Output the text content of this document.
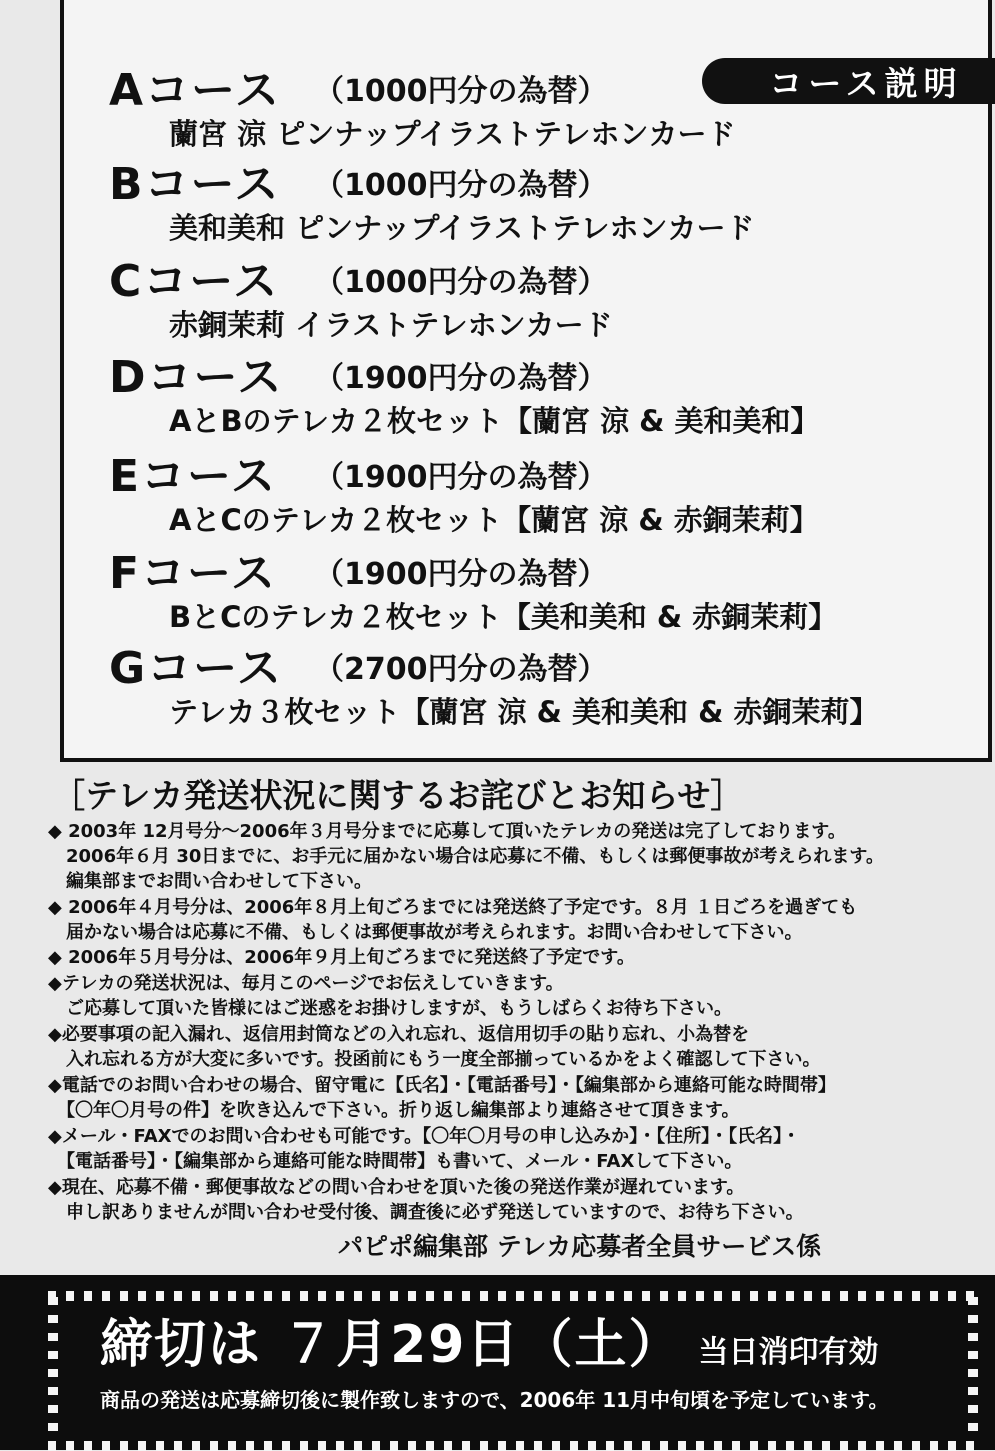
コース説明
Aコース （1000円分の為替）
蘭宮 涼 ピンナップイラストテレホンカード
Bコース （1000円分の為替）
美和美和 ピンナップイラストテレホンカード
Cコース （1000円分の為替）
赤銅茉莉 イラストテレホンカード
Dコース （1900円分の為替）
AとBのテレカ２枚セット【蘭宮 涼 & 美和美和】
Eコース （1900円分の為替）
AとCのテレカ２枚セット【蘭宮 涼 & 赤銅茉莉】
Fコース （1900円分の為替）
BとCのテレカ２枚セット【美和美和 & 赤銅茉莉】
Gコース （2700円分の為替）
テレカ３枚セット【蘭宮 涼 & 美和美和 & 赤銅茉莉】
［テレカ発送状況に関するお詫びとお知らせ］
◆ 2003年 12月号分〜2006年３月号分までに応募して頂いたテレカの発送は完了しております。
　2006年６月 30日までに、お手元に届かない場合は応募に不備、もしくは郵便事故が考えられます。
　編集部までお問い合わせして下さい。
◆ 2006年４月号分は、2006年８月上旬ごろまでには発送終了予定です。８月 １日ごろを過ぎても
　届かない場合は応募に不備、もしくは郵便事故が考えられます。お問い合わせして下さい。
◆ 2006年５月号分は、2006年９月上旬ごろまでに発送終了予定です。
◆テレカの発送状況は、毎月このページでお伝えしていきます。
　ご応募して頂いた皆様にはご迷惑をお掛けしますが、もうしばらくお待ち下さい。
◆必要事項の記入漏れ、返信用封筒などの入れ忘れ、返信用切手の貼り忘れ、小為替を
　入れ忘れる方が大変に多いです。投函前にもう一度全部揃っているかをよく確認して下さい。
◆電話でのお問い合わせの場合、留守電に【氏名】・【電話番号】・【編集部から連絡可能な時間帯】
　【〇年〇月号の件】を吹き込んで下さい。折り返し編集部より連絡させて頂きます。
◆メール・FAXでのお問い合わせも可能です。【〇年〇月号の申し込みか】・【住所】・【氏名】・
　【電話番号】・【編集部から連絡可能な時間帯】も書いて、メール・FAXして下さい。
◆現在、応募不備・郵便事故などの問い合わせを頂いた後の発送作業が遅れています。
　申し訳ありませんが問い合わせ受付後、調査後に必ず発送していますので、お待ち下さい。
パピポ編集部 テレカ応募者全員サービス係
締切は ７月29日（土） 当日消印有効
商品の発送は応募締切後に製作致しますので、2006年 11月中旬頃を予定しています。
